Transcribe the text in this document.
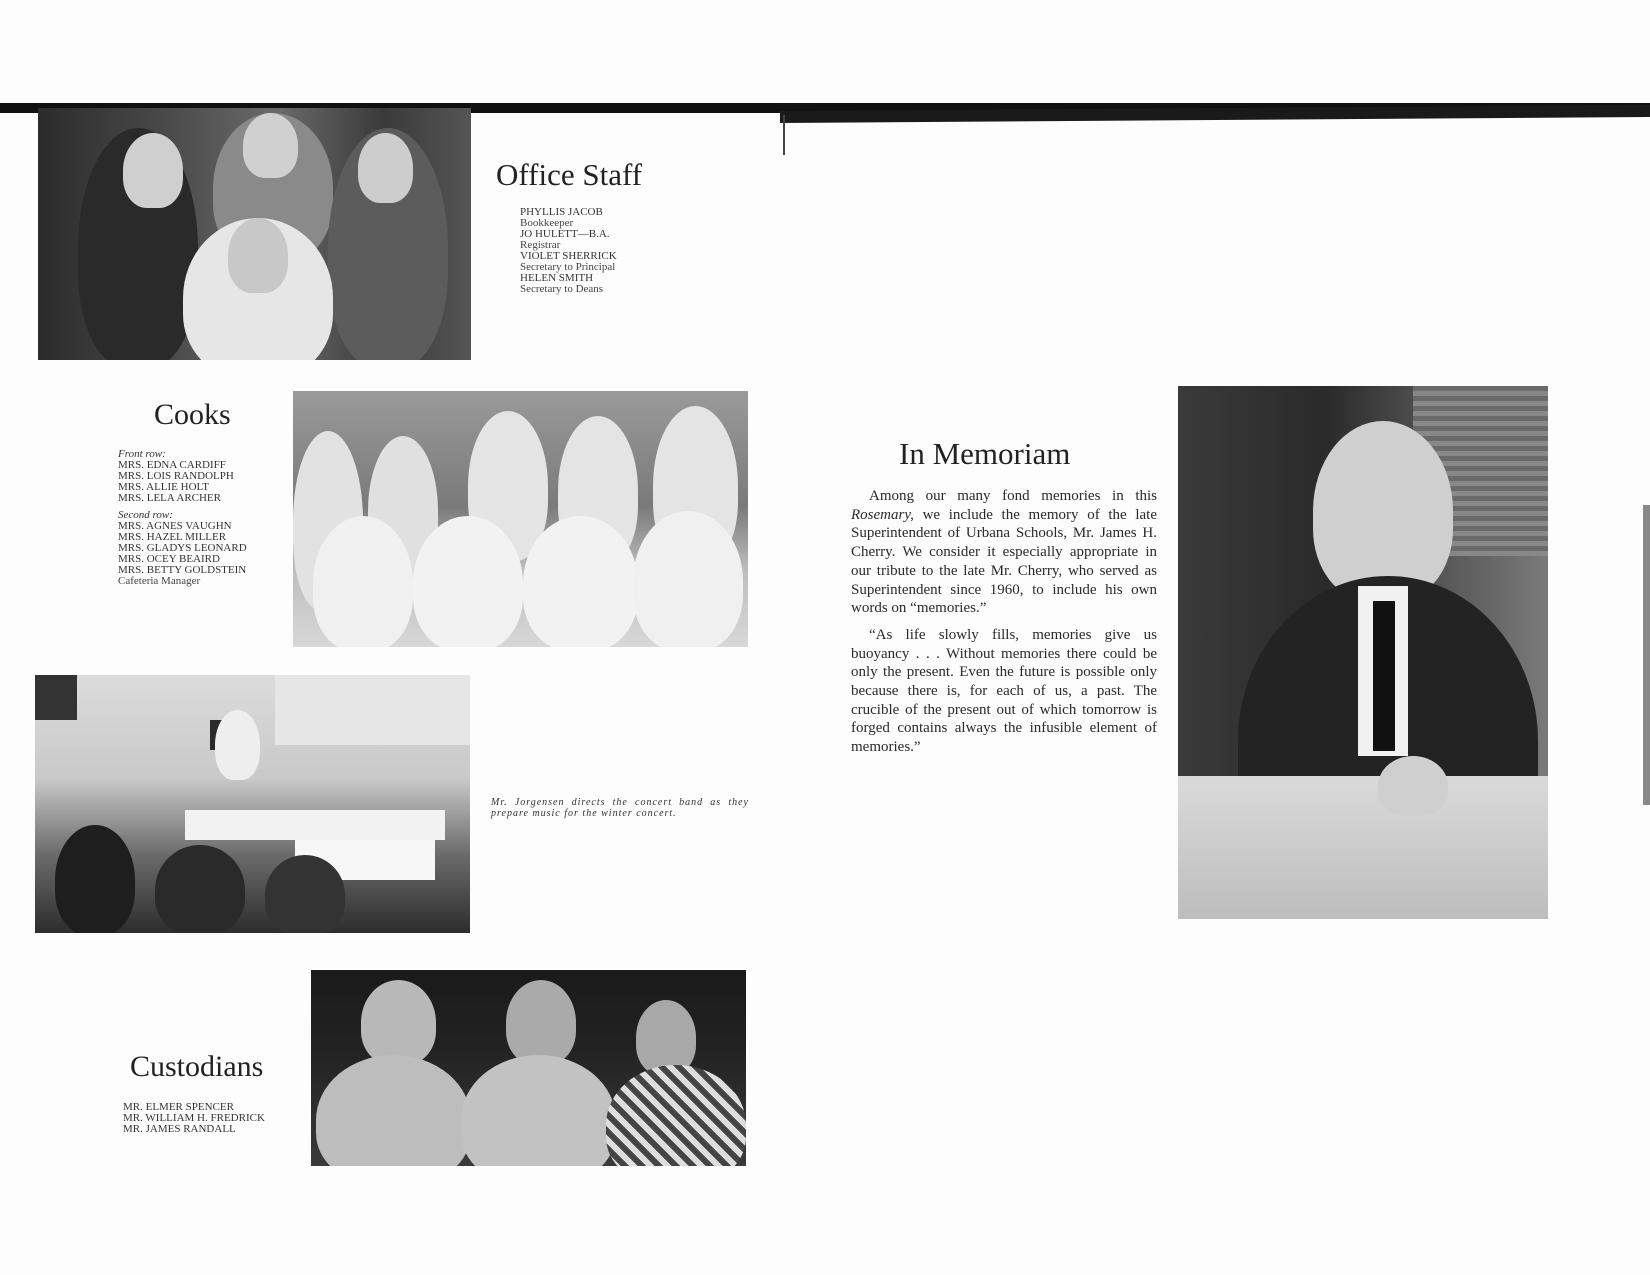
Office Staff
PHYLLIS JACOB
Bookkeeper
JO HULETT—B.A.
Registrar
VIOLET SHERRICK
Secretary to Principal
HELEN SMITH
Secretary to Deans
Cooks
Front row:
MRS. EDNA CARDIFF
MRS. LOIS RANDOLPH
MRS. ALLIE HOLT
MRS. LELA ARCHER
Second row:
MRS. AGNES VAUGHN
MRS. HAZEL MILLER
MRS. GLADYS LEONARD
MRS. OCEY BEAIRD
MRS. BETTY GOLDSTEIN
Cafeteria Manager
Mr. Jorgensen directs the concert band as they
prepare music for the winter concert.
Custodians
MR. ELMER SPENCER
MR. WILLIAM H. FREDRICK
MR. JAMES RANDALL
In Memoriam

Among our many fond memories in this Rosemary, we include the memory of the late Superintendent of Urbana Schools, Mr. James H. Cherry. We consider it especially appropriate in our tribute to the late Mr. Cherry, who served as Superintendent since 1960, to include his own words on “memories.”

“As life slowly fills, memories give us buoyancy . . . Without memories there could be only the present. Even the future is possible only because there is, for each of us, a past. The crucible of the present out of which tomorrow is forged contains always the infusible element of memories.”
